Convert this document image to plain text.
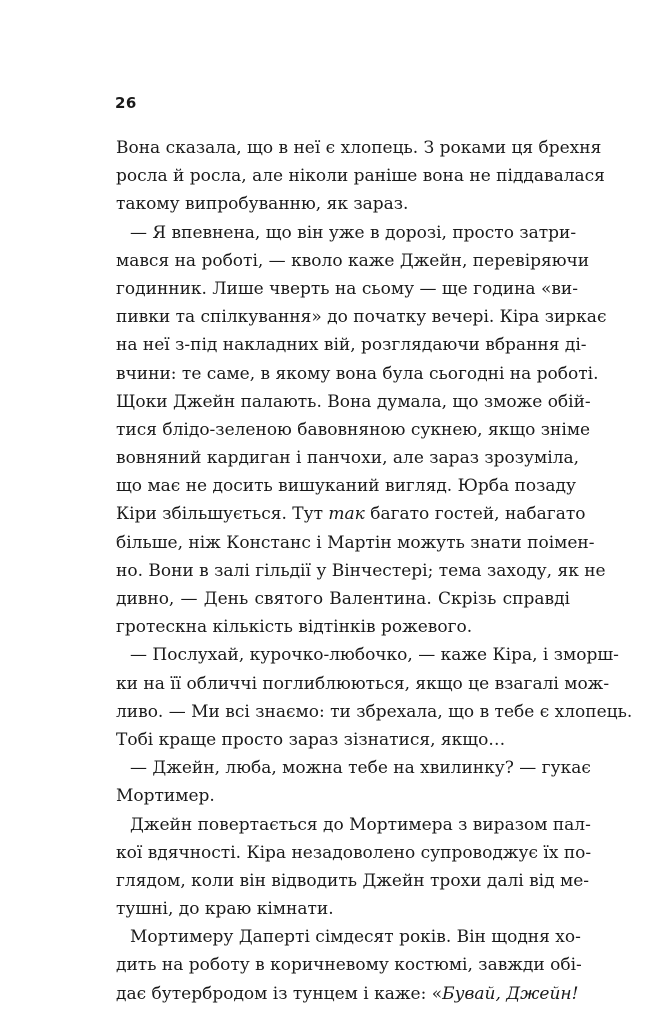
26
Вона сказала, що в неї є хлопець. З роками ця брехня
росла й росла, але ніколи раніше вона не піддавалася
такому випробуванню, як зараз.
— Я впевнена, що він уже в дорозі, просто затри-
мався на роботі, — кволо каже Джейн, перевіряючи
годинник. Лише чверть на сьому — ще година «ви-
пивки та спілкування» до початку вечері. Кіра зиркає
на неї з-під накладних вій, розглядаючи вбрання ді-
вчини: те саме, в якому вона була сьогодні на роботі.
Щоки Джейн палають. Вона думала, що зможе обій-
тися блідо-зеленою бавовняною сукнею, якщо зніме
вовняний кардиган і панчохи, але зараз зрозуміла,
що має не досить вишуканий вигляд. Юрба позаду
Кіри збільшується. Тут так багато гостей, набагато
більше, ніж Констанс і Мартін можуть знати поімен-
но. Вони в залі гільдії у Вінчестері; тема заходу, як не
дивно, — День святого Валентина. Скрізь справді
гротескна кількість відтінків рожевого.
— Послухай, курочко-любочко, — каже Кіра, і зморш-
ки на її обличчі поглиблюються, якщо це взагалі мож-
ливо. — Ми всі знаємо: ти збрехала, що в тебе є хлопець.
Тобі краще просто зараз зізнатися, якщо…
— Джейн, люба, можна тебе на хвилинку? — гукає
Мортимер.
Джейн повертається до Мортимера з виразом пал-
кої вдячності. Кіра незадоволено супроводжує їх по-
глядом, коли він відводить Джейн трохи далі від ме-
тушні, до краю кімнати.
Мортимеру Даперті сімдесят років. Він щодня хо-
дить на роботу в коричневому костюмі, завжди обі-
дає бутербродом із тунцем і каже: «Бувай, Джейн!
